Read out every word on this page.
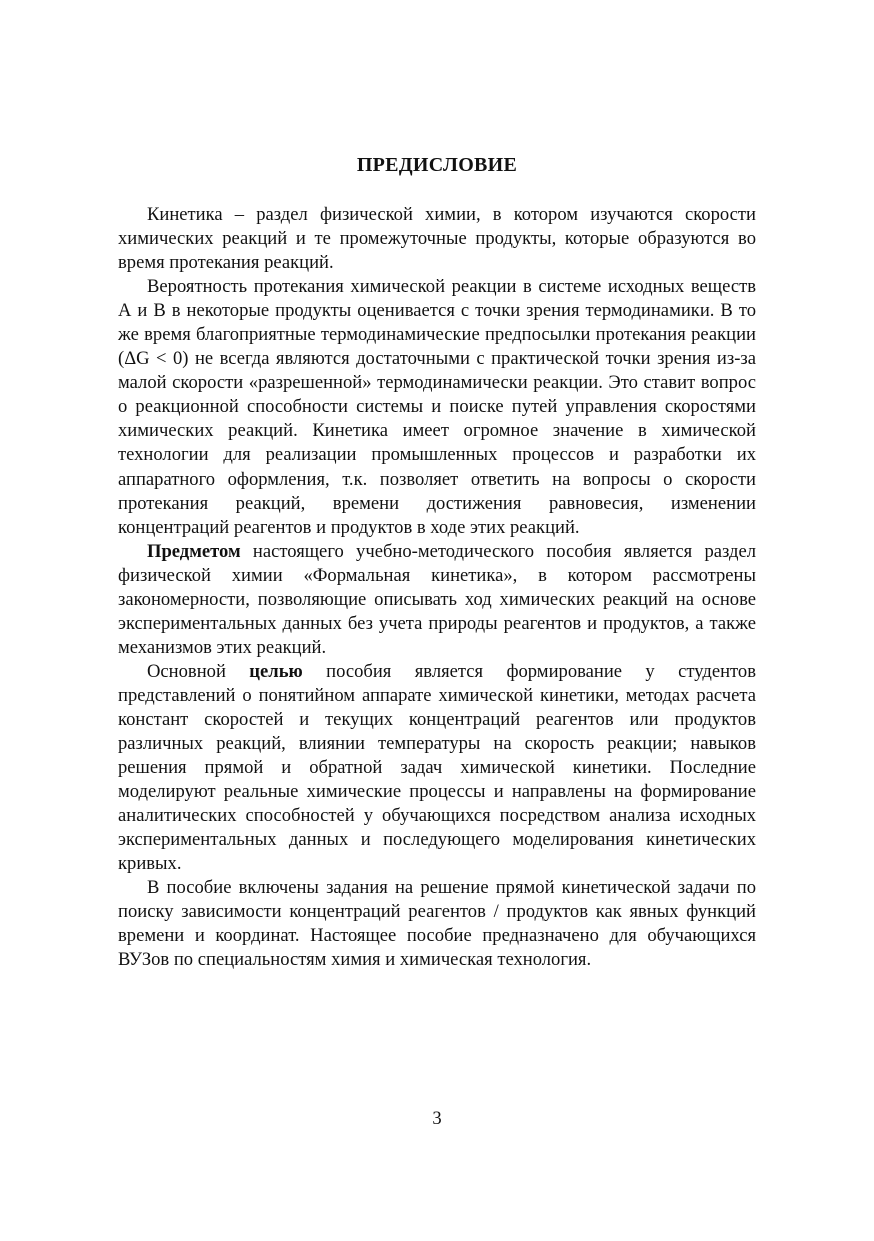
ПРЕДИСЛОВИЕ

Кинетика – раздел физической химии, в котором изучаются скорости химических реакций и те промежуточные продукты, которые образуются во время протекания реакций.

Вероятность протекания химической реакции в системе исходных веществ А и В в некоторые продукты оценивается с точки зрения термодинамики. В то же время благоприятные термодинамические предпосылки протекания реакции (ΔG < 0) не всегда являются достаточными с практической точки зрения из-за малой скорости «разрешенной» термодинамически реакции. Это ставит вопрос о реакционной способности системы и поиске путей управления скоростями химических реакций. Кинетика имеет огромное значение в химической технологии для реализации промышленных процессов и разработки их аппаратного оформления, т.к. позволяет ответить на вопросы о скорости протекания реакций, времени достижения равновесия, изменении концентраций реагентов и продуктов в ходе этих реакций.

Предметом настоящего учебно-методического пособия является раздел физической химии «Формальная кинетика», в котором рассмотрены закономерности, позволяющие описывать ход химических реакций на основе экспериментальных данных без учета природы реагентов и продуктов, а также механизмов этих реакций.

Основной целью пособия является формирование у студентов представлений о понятийном аппарате химической кинетики, методах расчета констант скоростей и текущих концентраций реагентов или продуктов различных реакций, влиянии температуры на скорость реакции; навыков решения прямой и обратной задач химической кинетики. Последние моделируют реальные химические процессы и направлены на формирование аналитических способностей у обучающихся посредством анализа исходных экспериментальных данных и последующего моделирования кинетических кривых.

В пособие включены задания на решение прямой кинетической задачи по поиску зависимости концентраций реагентов / продуктов как явных функций времени и координат. Настоящее пособие предназначено для обучающихся ВУЗов по специальностям химия и химическая технология.

3
